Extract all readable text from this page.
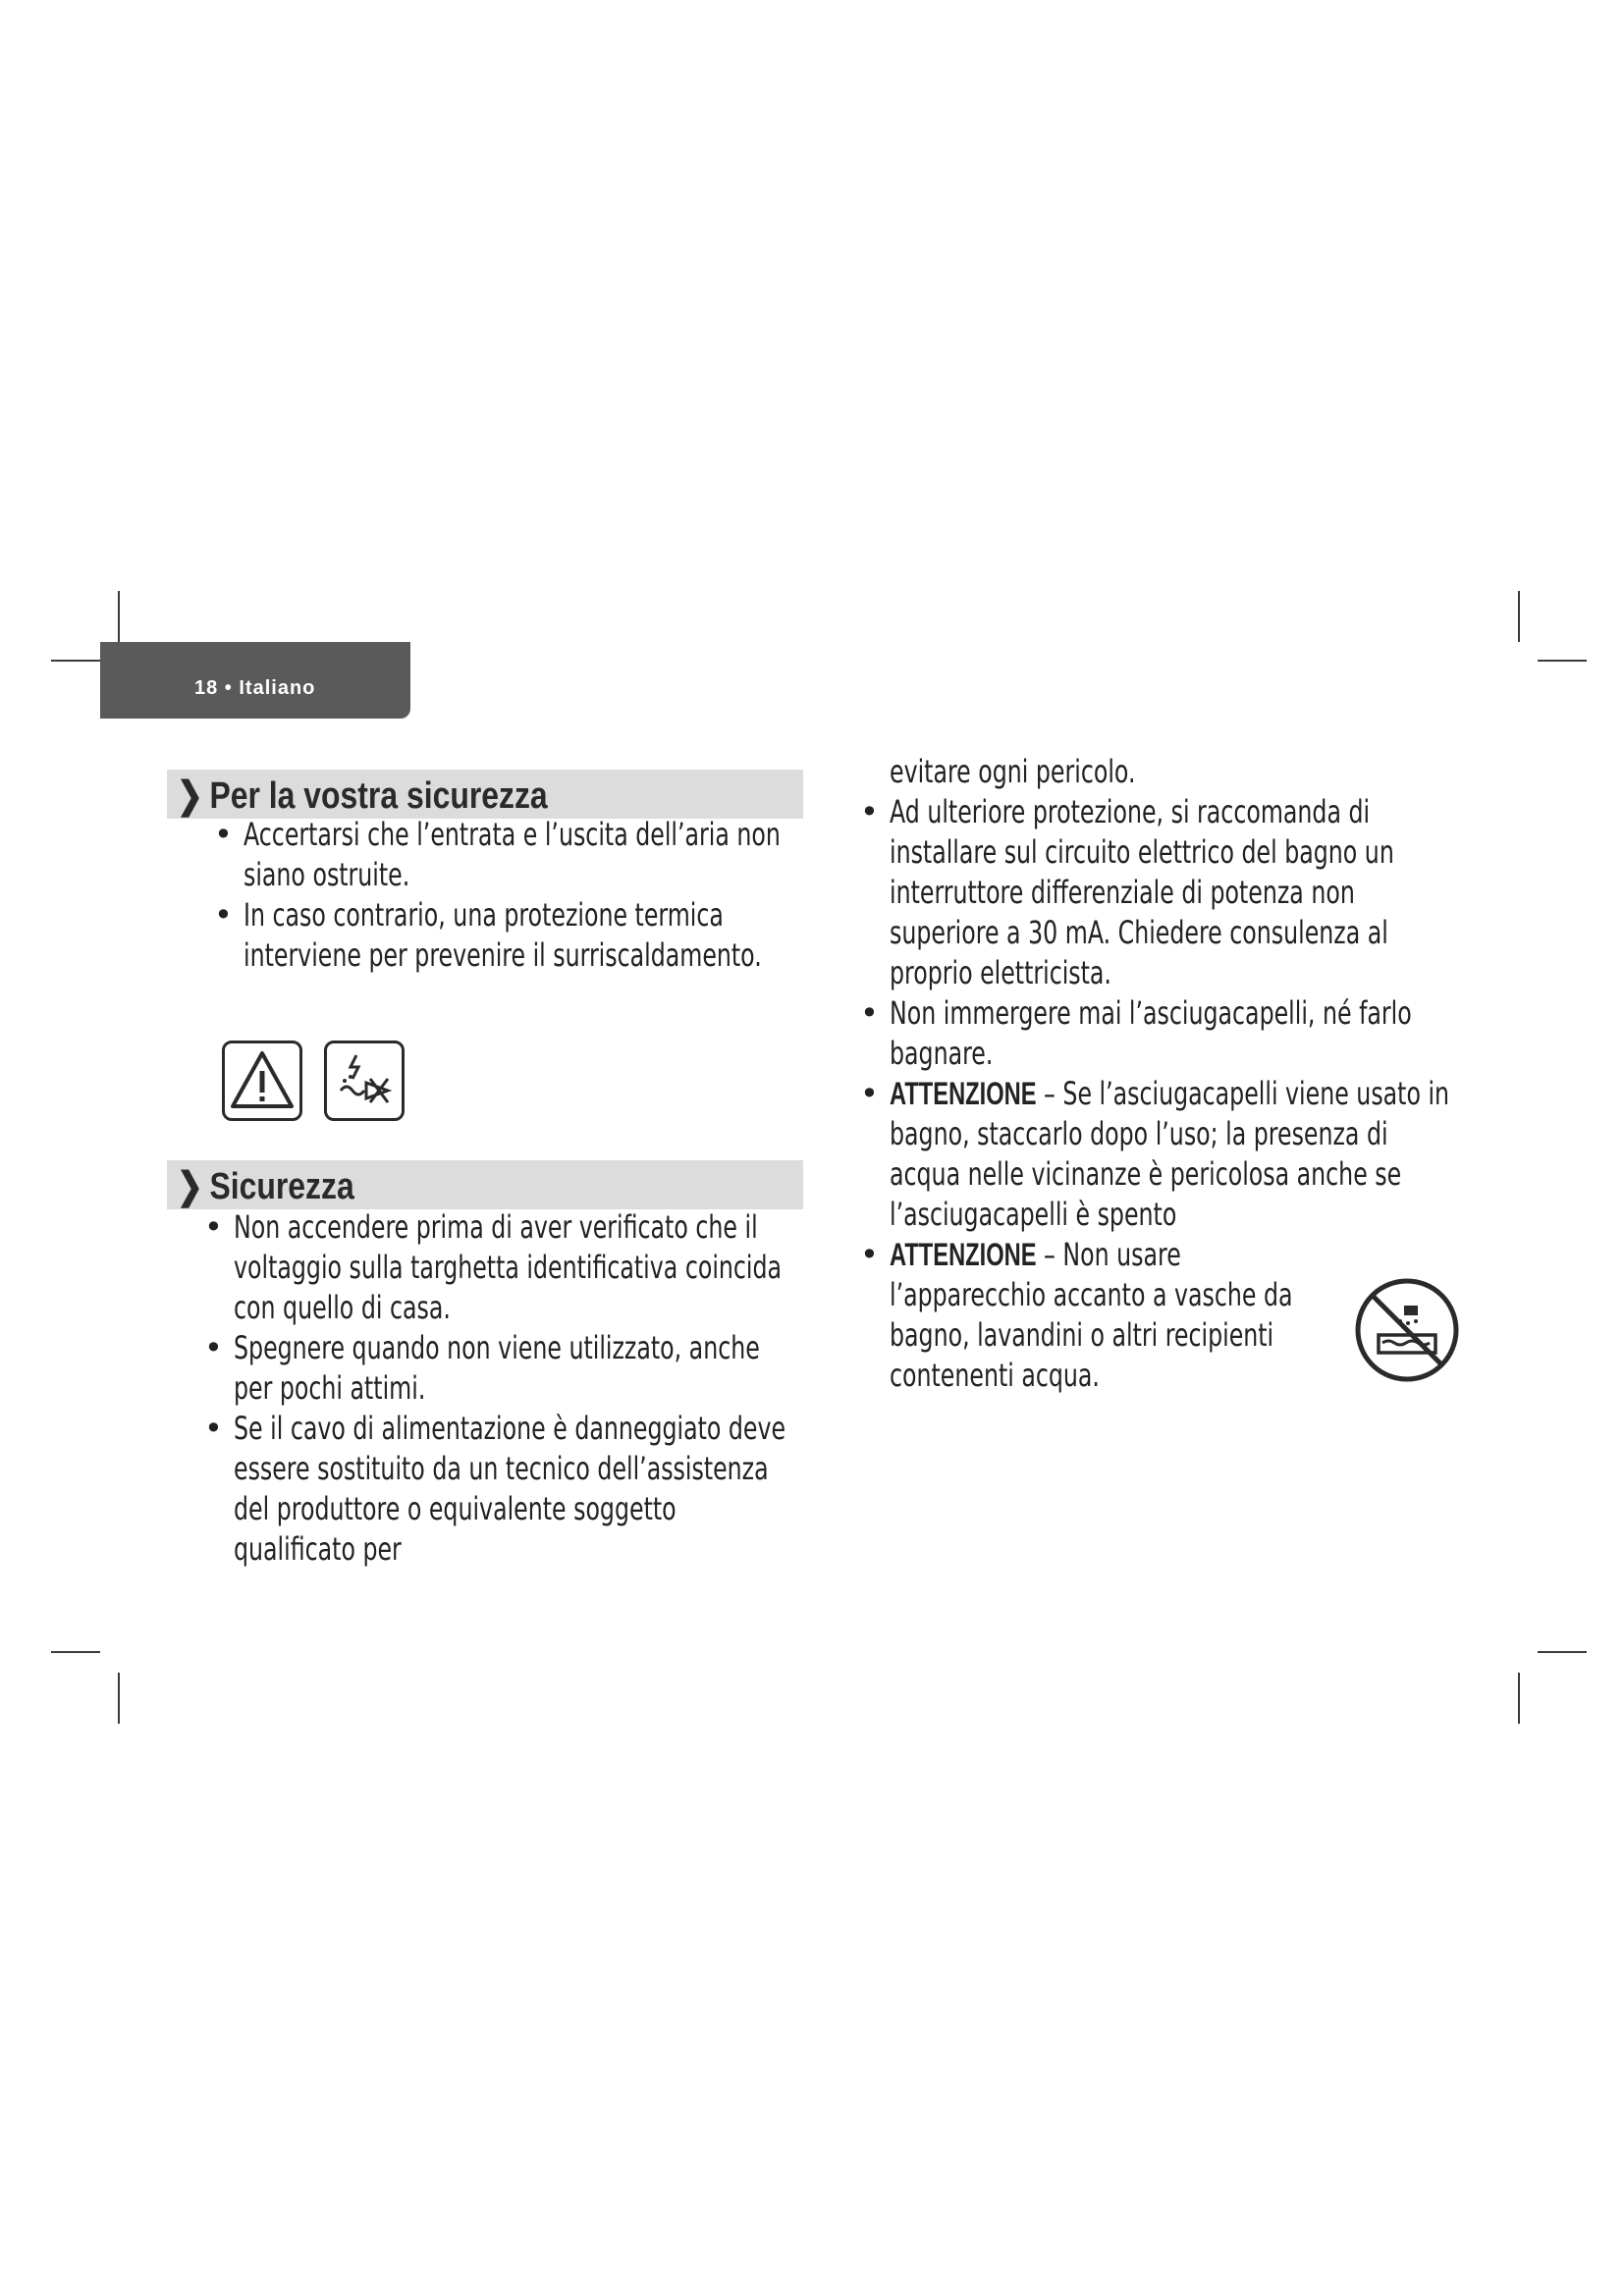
18 • Italiano
❯ Per la vostra sicurezza
• Accertarsi che l’entrata e l’uscita dell’aria non siano ostruite.
• In caso contrario, una protezione termica interviene per prevenire il surriscaldamento.
❯ Sicurezza
• Non accendere prima di aver verificato che il voltaggio sulla targhetta identificativa coincida con quello di casa.
• Spegnere quando non viene utilizzato, anche per pochi attimi.
• Se il cavo di alimentazione è danneggiato deve essere sostituito da un tecnico dell’assistenza del produttore o equivalente soggetto qualificato per
evitare ogni pericolo.
• Ad ulteriore protezione, si raccomanda di installare sul circuito elettrico del bagno un interruttore differenziale di potenza non superiore a 30 mA. Chiedere consulenza al proprio elettricista.
• Non immergere mai l’asciugacapelli, né farlo bagnare.
• ATTENZIONE – Se l’asciugacapelli viene usato in bagno, staccarlo dopo l’uso; la presenza di acqua nelle vicinanze è pericolosa anche se l’asciugacapelli è spento
• ATTENZIONE – Non usare l’apparecchio accanto a vasche da bagno, lavandini o altri recipienti contenenti acqua.
